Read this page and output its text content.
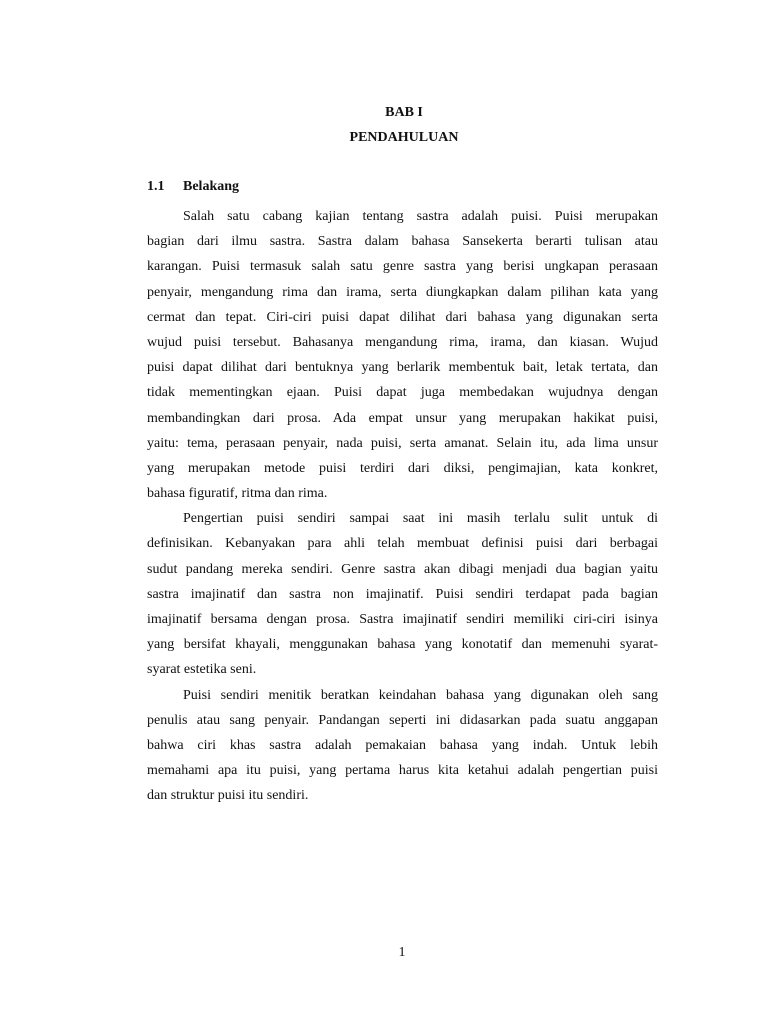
BAB I
PENDAHULUAN
1.1 Belakang
Salah satu cabang kajian tentang sastra adalah puisi. Puisi merupakan
bagian dari ilmu sastra. Sastra dalam bahasa Sansekerta berarti tulisan atau
karangan. Puisi termasuk salah satu genre sastra yang berisi ungkapan perasaan
penyair, mengandung rima dan irama, serta diungkapkan dalam pilihan kata yang
cermat dan tepat. Ciri-ciri puisi dapat dilihat dari bahasa yang digunakan serta
wujud puisi tersebut. Bahasanya mengandung rima, irama, dan kiasan. Wujud
puisi dapat dilihat dari bentuknya yang berlarik membentuk bait, letak tertata, dan
tidak mementingkan ejaan. Puisi dapat juga membedakan wujudnya dengan
membandingkan dari prosa. Ada empat unsur yang merupakan hakikat puisi,
yaitu: tema, perasaan penyair, nada puisi, serta amanat. Selain itu, ada lima unsur
yang merupakan metode puisi terdiri dari diksi, pengimajian, kata konkret,
bahasa figuratif, ritma dan rima.
Pengertian puisi sendiri sampai saat ini masih terlalu sulit untuk di
definisikan. Kebanyakan para ahli telah membuat definisi puisi dari berbagai
sudut pandang mereka sendiri. Genre sastra akan dibagi menjadi dua bagian yaitu
sastra imajinatif dan sastra non imajinatif. Puisi sendiri terdapat pada bagian
imajinatif bersama dengan prosa. Sastra imajinatif sendiri memiliki ciri-ciri isinya
yang bersifat khayali, menggunakan bahasa yang konotatif dan memenuhi syarat-
syarat estetika seni.
Puisi sendiri menitik beratkan keindahan bahasa yang digunakan oleh sang
penulis atau sang penyair. Pandangan seperti ini didasarkan pada suatu anggapan
bahwa ciri khas sastra adalah pemakaian bahasa yang indah. Untuk lebih
memahami apa itu puisi, yang pertama harus kita ketahui adalah pengertian puisi
dan struktur puisi itu sendiri.
1
